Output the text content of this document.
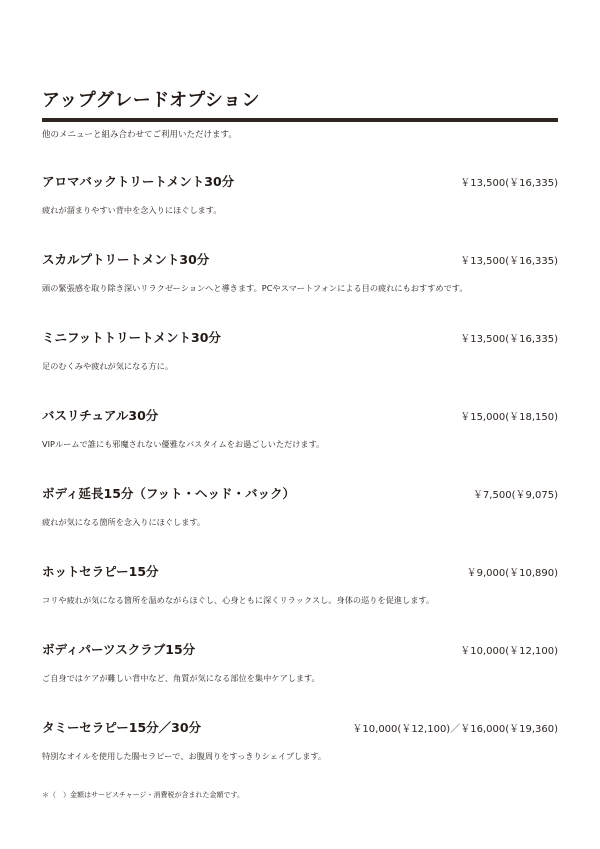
アップグレードオプション
他のメニューと組み合わせてご利用いただけます。
アロマバックトリートメント30分	￥13,500(￥16,335)
疲れが溜まりやすい背中を念入りにほぐします。
スカルプトリートメント30分	￥13,500(￥16,335)
頭の緊張感を取り除き深いリラクゼーションへと導きます。PCやスマートフォンによる目の疲れにもおすすめです。
ミニフットトリートメント30分	￥13,500(￥16,335)
足のむくみや疲れが気になる方に。
バスリチュアル30分	￥15,000(￥18,150)
VIPルームで誰にも邪魔されない優雅なバスタイムをお過ごしいただけます。
ボディ延長15分（フット・ヘッド・バック）	￥7,500(￥9,075)
疲れが気になる箇所を念入りにほぐします。
ホットセラピー15分	￥9,000(￥10,890)
コリや疲れが気になる箇所を温めながらほぐし、心身ともに深くリラックスし。身体の巡りを促進します。
ボディパーツスクラブ15分	￥10,000(￥12,100)
ご自身ではケアが難しい背中など、角質が気になる部位を集中ケアします。
タミーセラピー15分／30分	￥10,000(￥12,100)／￥16,000(￥19,360)
特別なオイルを使用した腸セラピーで、お腹周りをすっきりシェイプします。
＊（　）金額はサービスチャージ・消費税が含まれた金額です。
